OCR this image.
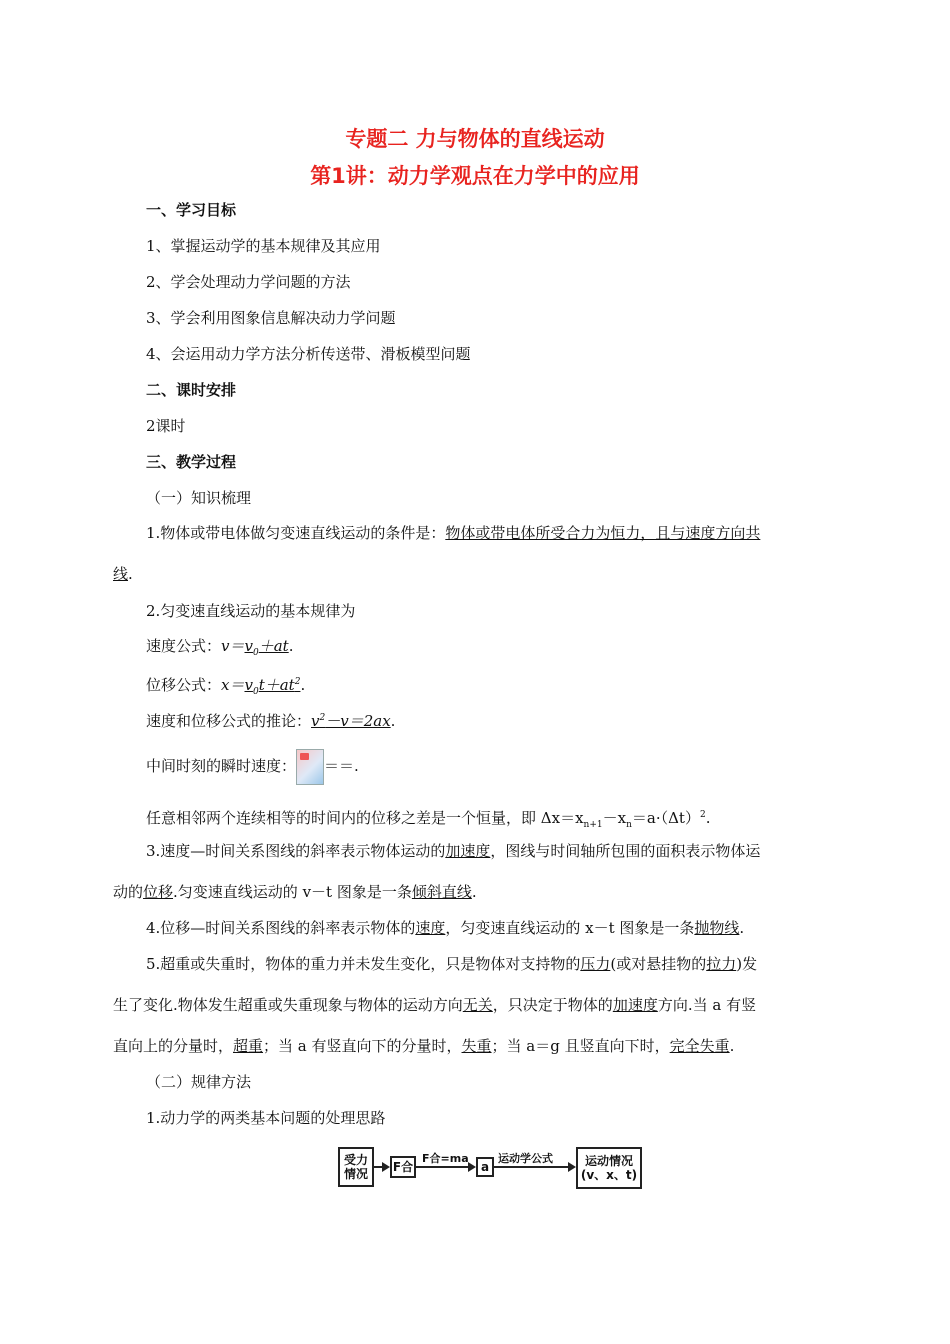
专题二 力与物体的直线运动
第1讲：动力学观点在力学中的应用
一、学习目标
1、掌握运动学的基本规律及其应用
2、学会处理动力学问题的方法
3、学会利用图象信息解决动力学问题
4、会运用动力学方法分析传送带、滑板模型问题
二、课时安排
2课时
三、教学过程
（一）知识梳理
1.物体或带电体做匀变速直线运动的条件是：物体或带电体所受合力为恒力，且与速度方向共
线.
2.匀变速直线运动的基本规律为
速度公式：$v=v_0+at$.
位移公式：$x=v_0t+at^2$.
速度和位移公式的推论：$v^2-v=2ax$.
中间时刻的瞬时速度： ＝＝.
任意相邻两个连续相等的时间内的位移之差是一个恒量，即 $\Delta x=x_{n+1}-x_n=a\cdot(\Delta t)^2$.
3.速度—时间关系图线的斜率表示物体运动的加速度，图线与时间轴所包围的面积表示物体运
动的位移.匀变速直线运动的 v－t 图象是一条倾斜直线.
4.位移—时间关系图线的斜率表示物体的速度，匀变速直线运动的 x－t 图象是一条抛物线.
5.超重或失重时，物体的重力并未发生变化，只是物体对支持物的压力(或对悬挂物的拉力)发
生了变化.物体发生超重或失重现象与物体的运动方向无关，只决定于物体的加速度方向.当 a 有竖
直向上的分量时，超重；当 a 有竖直向下的分量时，失重；当 a＝g 且竖直向下时，完全失重.
（二）规律方法
1.动力学的两类基本问题的处理思路
受力
情况	F合
F合=ma
a
运动学公式	运动情况
(v、x、t)
